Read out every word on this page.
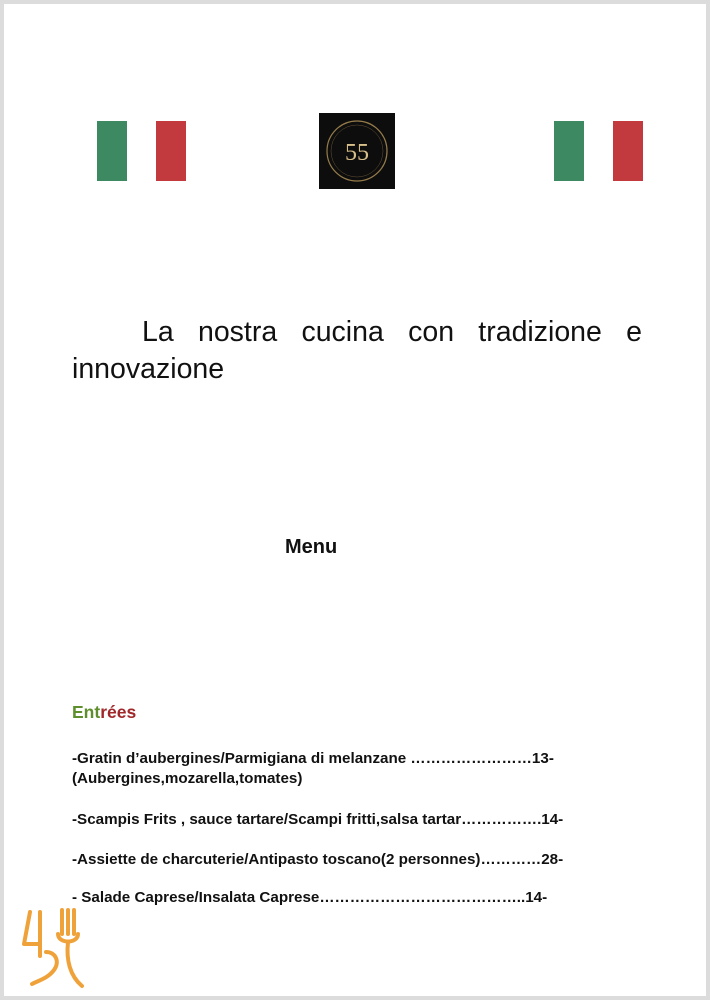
55
La nostra cucina con tradizione e innovazione
Menu
Entrées
-Gratin d’aubergines/Parmigiana di melanzane ……………………13-
(Aubergines,mozarella,tomates)
-Scampis Frits , sauce tartare/Scampi fritti,salsa tartar…………….14-
-Assiette de charcuterie/Antipasto toscano(2 personnes)…………28-
- Salade Caprese/Insalata Caprese…………………………………..14-
